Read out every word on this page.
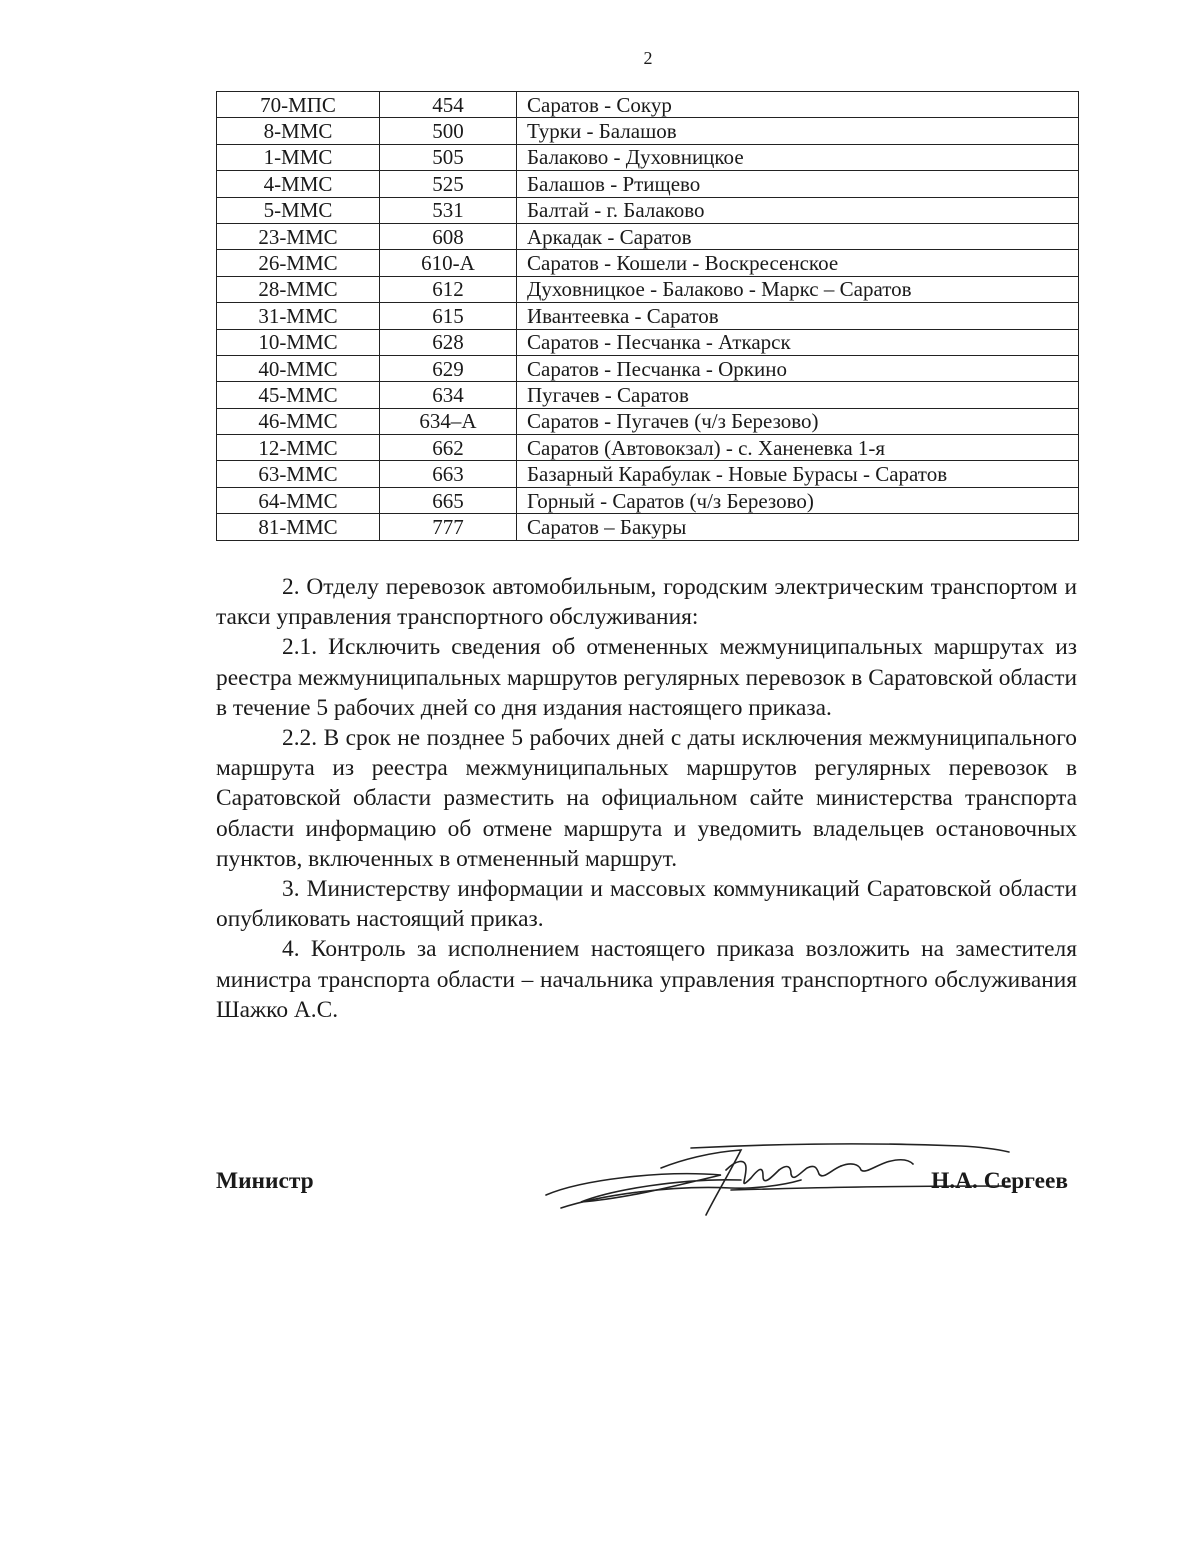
2
70-МПС	454	Саратов - Сокур
8-ММС	500	Турки - Балашов
1-ММС	505	Балаково - Духовницкое
4-ММС	525	Балашов - Ртищево
5-ММС	531	Балтай - г. Балаково
23-ММС	608	Аркадак - Саратов
26-ММС	610-А	Саратов - Кошели - Воскресенское
28-ММС	612	Духовницкое - Балаково - Маркс – Саратов
31-ММС	615	Ивантеевка - Саратов
10-ММС	628	Саратов - Песчанка - Аткарск
40-ММС	629	Саратов - Песчанка - Оркино
45-ММС	634	Пугачев - Саратов
46-ММС	634–А	Саратов - Пугачев (ч/з Березово)
12-ММС	662	Саратов (Автовокзал) - с. Ханеневка 1-я
63-ММС	663	Базарный Карабулак - Новые Бурасы - Саратов
64-ММС	665	Горный - Саратов (ч/з Березово)
81-ММС	777	Саратов – Бакуры

2. Отделу перевозок автомобильным, городским электрическим транспортом и такси управления транспортного обслуживания:

2.1. Исключить сведения об отмененных межмуниципальных маршрутах из реестра межмуниципальных маршрутов регулярных перевозок в Саратовской области в течение 5 рабочих дней со дня издания настоящего приказа.

2.2. В срок не позднее 5 рабочих дней с даты исключения межмуниципального маршрута из реестра межмуниципальных маршрутов регулярных перевозок в Саратовской области разместить на официальном сайте министерства транспорта области информацию об отмене маршрута и уведомить владельцев остановочных пунктов, включенных в отмененный маршрут.

3. Министерству информации и массовых коммуникаций Саратовской области опубликовать настоящий приказ.

4. Контроль за исполнением настоящего приказа возложить на заместителя министра транспорта области – начальника управления транспортного обслуживания Шажко А.С.

Министр	Н.А. Сергеев
